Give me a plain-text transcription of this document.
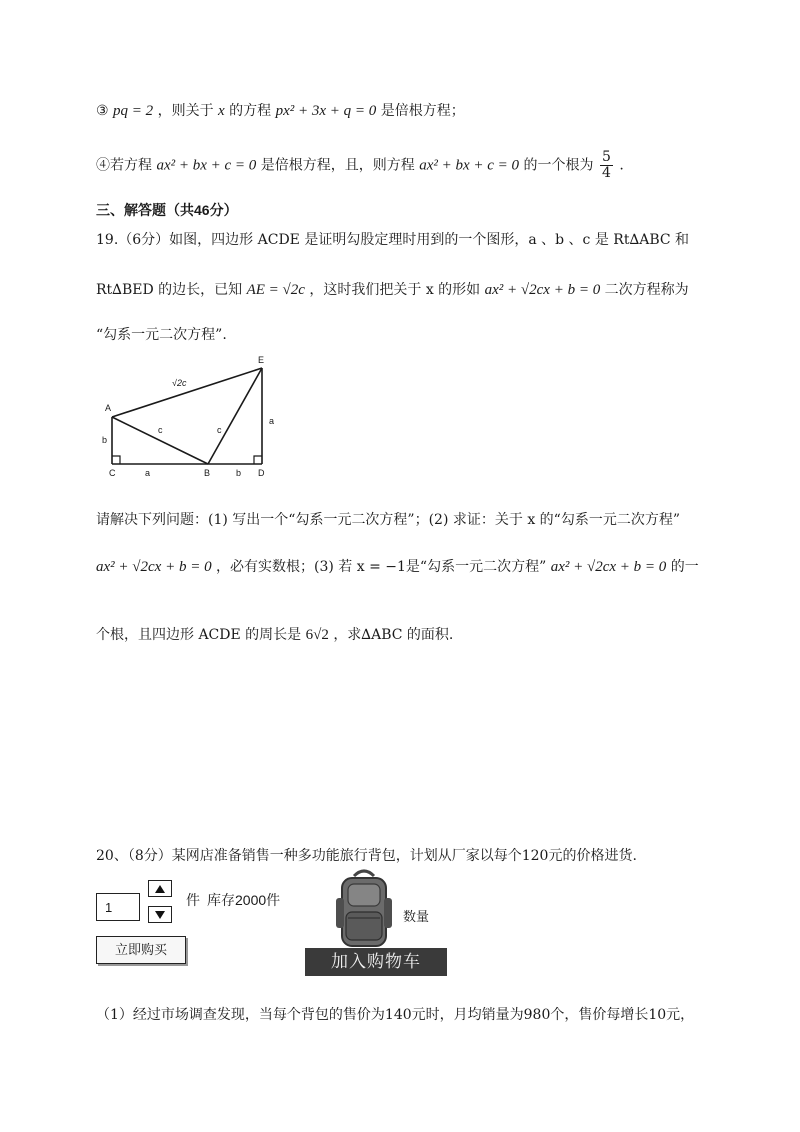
③ pq = 2 ，则关于 x 的方程 px² + 3x + q = 0 是倍根方程；
④若方程 ax² + bx + c = 0 是倍根方程，且，则方程 ax² + bx + c = 0 的一个根为 $\frac{5}{4}$ .
三、解答题（共46分）
19.（6分）如图，四边形 ACDE 是证明勾股定理时用到的一个图形，a 、b 、c 是 Rt∆ABC 和
Rt∆BED 的边长，已知 AE = √2c ，这时我们把关于 x 的形如 ax² + √2cx + b = 0 二次方程称为
“勾系一元二次方程”.
√2c
E
A
B
C	D
a	b
b
a
c	c
请解决下列问题：(1) 写出一个“勾系一元二次方程”；(2) 求证：关于 x 的“勾系一元二次方程”
ax² + √2cx + b = 0 ，必有实数根；(3) 若 x = −1是“勾系一元二次方程” ax² + √2cx + b = 0 的一
个根，且四边形 ACDE 的周长是 6√2 ，求∆ABC 的面积.
20、（8分）某网店准备销售一种多功能旅行背包，计划从厂家以每个120元的价格进货.
1	件 库存2000件
立即购买
数量
加入购物车
（1）经过市场调查发现，当每个背包的售价为140元时，月均销量为980个，售价每增长10元，
